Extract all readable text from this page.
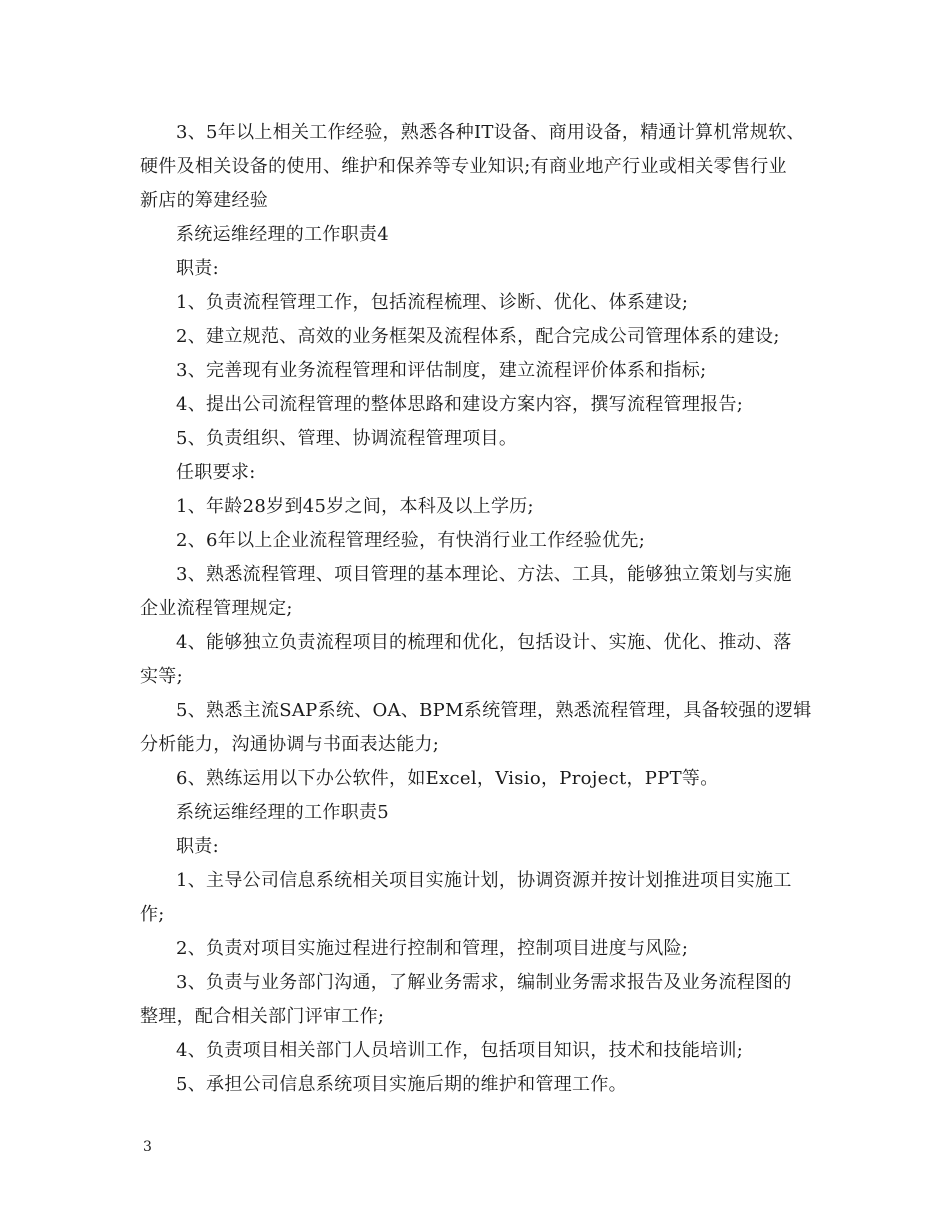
3、5年以上相关工作经验，熟悉各种IT设备、商用设备，精通计算机常规软、
硬件及相关设备的使用、维护和保养等专业知识;有商业地产行业或相关零售行业
新店的筹建经验
系统运维经理的工作职责4
职责:
1、负责流程管理工作，包括流程梳理、诊断、优化、体系建设;
2、建立规范、高效的业务框架及流程体系，配合完成公司管理体系的建设;
3、完善现有业务流程管理和评估制度，建立流程评价体系和指标;
4、提出公司流程管理的整体思路和建设方案内容，撰写流程管理报告;
5、负责组织、管理、协调流程管理项目。
任职要求:
1、年龄28岁到45岁之间，本科及以上学历;
2、6年以上企业流程管理经验，有快消行业工作经验优先;
3、熟悉流程管理、项目管理的基本理论、方法、工具，能够独立策划与实施
企业流程管理规定;
4、能够独立负责流程项目的梳理和优化，包括设计、实施、优化、推动、落
实等;
5、熟悉主流SAP系统、OA、BPM系统管理，熟悉流程管理，具备较强的逻辑
分析能力，沟通协调与书面表达能力;
6、熟练运用以下办公软件，如Excel，Visio，Project，PPT等。
系统运维经理的工作职责5
职责:
1、主导公司信息系统相关项目实施计划，协调资源并按计划推进项目实施工
作;
2、负责对项目实施过程进行控制和管理，控制项目进度与风险;
3、负责与业务部门沟通，了解业务需求，编制业务需求报告及业务流程图的
整理，配合相关部门评审工作;
4、负责项目相关部门人员培训工作，包括项目知识，技术和技能培训;
5、承担公司信息系统项目实施后期的维护和管理工作。
3
